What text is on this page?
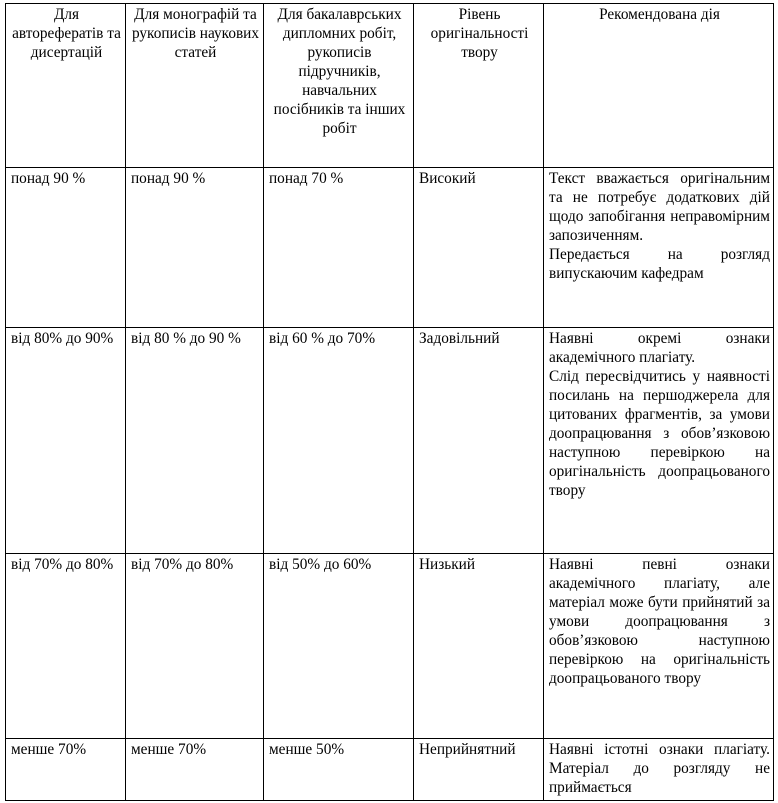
Для авторефератів та дисертацій	Для монографій та рукописів наукових статей	Для бакалаврських дипломних робіт, рукописів підручників, навчальних посібників та інших робіт	Рівень оригінальності твору	Рекомендована дія
понад 90 %	понад 90 %	понад 70 %	Високий	Текст вважається оригінальним та не потребує додаткових дій щодо запобігання неправомірним запозиченням.

Передається на розгляд випускаючим кафедрам

від 80% до 90%	від 80 % до 90 %	від 60 % до 70%	Задовільний	Наявні окремі ознаки академічного плагіату.

Слід пересвідчитись у наявності посилань на першоджерела для цитованих фрагментів, за умови доопрацювання з обов’язковою наступною перевіркою на оригінальність доопрацьованого твору

від 70% до 80%	від 70% до 80%	від 50% до 60%	Низький	Наявні певні ознаки академічного плагіату, але матеріал може бути прийнятий за умови доопрацювання з обов’язковою наступною перевіркою на оригінальність доопрацьованого твору

менше 70%	менше 70%	менше 50%	Неприйнятний	Наявні істотні ознаки плагіату. Матеріал до розгляду не приймається
